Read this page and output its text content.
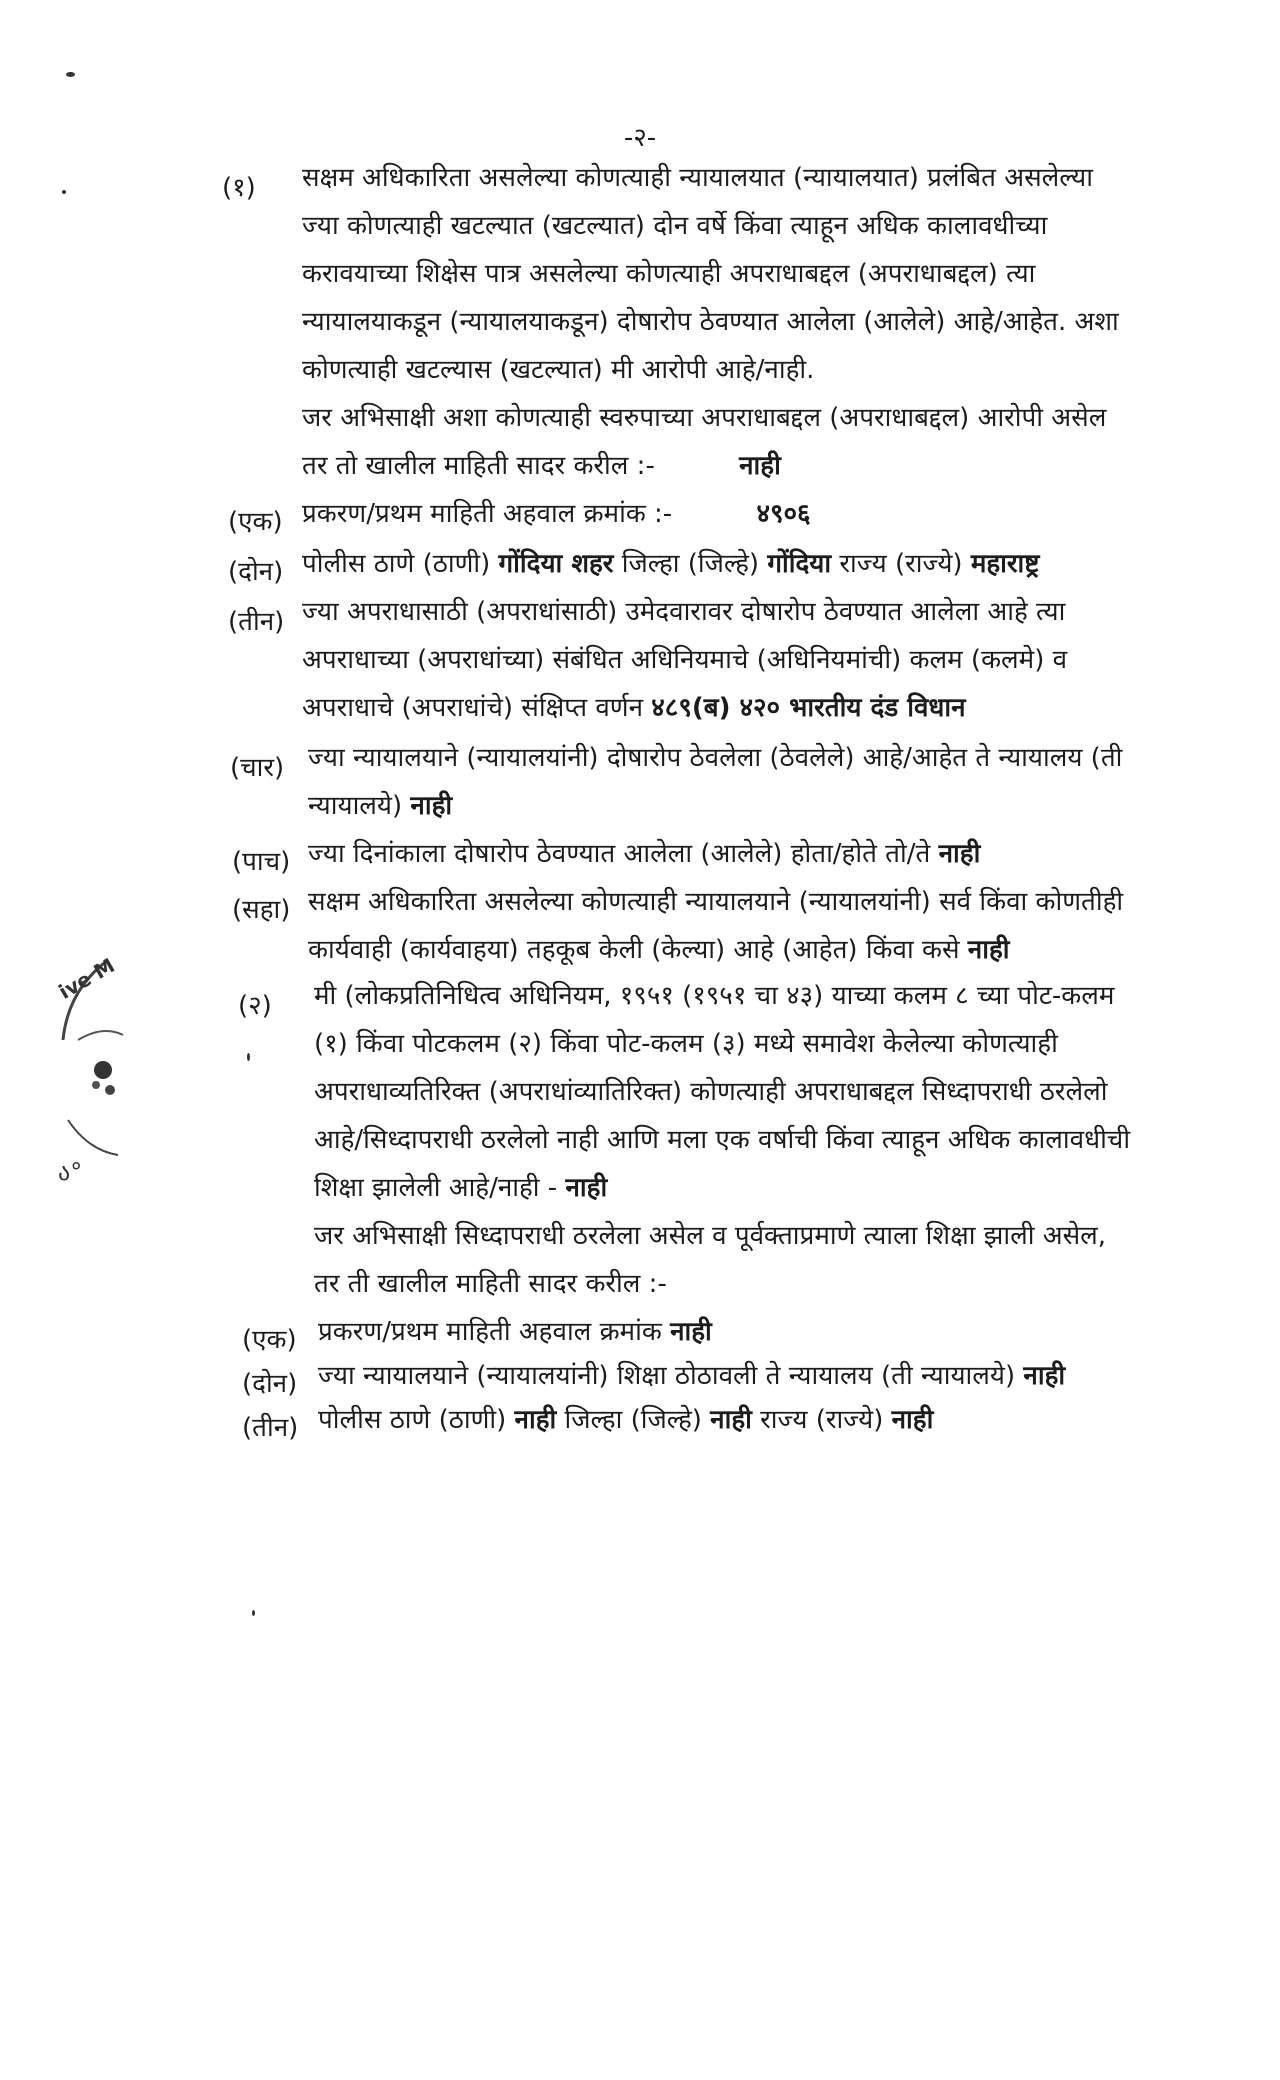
ive M
ა°
-२-
(१) सक्षम अधिकारिता असलेल्या कोणत्याही न्यायालयात (न्यायालयात) प्रलंबित असलेल्या
ज्या कोणत्याही खटल्यात (खटल्यात) दोन वर्षे किंवा त्याहून अधिक कालावधीच्या
करावयाच्या शिक्षेस पात्र असलेल्या कोणत्याही अपराधाबद्दल (अपराधाबद्दल) त्या
न्यायालयाकडून (न्यायालयाकडून) दोषारोप ठेवण्यात आलेला (आलेले) आहे/आहेत. अशा
कोणत्याही खटल्यास (खटल्यात) मी आरोपी आहे/नाही.
जर अभिसाक्षी अशा कोणत्याही स्वरुपाच्या अपराधाबद्दल (अपराधाबद्दल) आरोपी असेल
तर तो खालील माहिती सादर करील :-	नाही
(एक) प्रकरण/प्रथम माहिती अहवाल क्रमांक :-	४९०६
(दोन) पोलीस ठाणे (ठाणी) गोंदिया शहर जिल्हा (जिल्हे) गोंदिया राज्य (राज्ये) महाराष्ट्र
(तीन) ज्या अपराधासाठी (अपराधांसाठी) उमेदवारावर दोषारोप ठेवण्यात आलेला आहे त्या
अपराधाच्या (अपराधांच्या) संबंधित अधिनियमाचे (अधिनियमांची) कलम (कलमे) व
अपराधाचे (अपराधांचे) संक्षिप्त वर्णन ४८९(ब) ४२० भारतीय दंड विधान
(चार) ज्या न्यायालयाने (न्यायालयांनी) दोषारोप ठेवलेला (ठेवलेले) आहे/आहेत ते न्यायालय (ती
न्यायालये) नाही
(पाच) ज्या दिनांकाला दोषारोप ठेवण्यात आलेला (आलेले) होता/होते तो/ते नाही
(सहा) सक्षम अधिकारिता असलेल्या कोणत्याही न्यायालयाने (न्यायालयांनी) सर्व किंवा कोणतीही
कार्यवाही (कार्यवाहया) तहकूब केली (केल्या) आहे (आहेत) किंवा कसे नाही
(२) मी (लोकप्रतिनिधित्व अधिनियम, १९५१ (१९५१ चा ४३) याच्या कलम ८ च्या पोट-कलम
(१) किंवा पोटकलम (२) किंवा पोट-कलम (३) मध्ये समावेश केलेल्या कोणत्याही
अपराधाव्यतिरिक्त (अपराधांव्यातिरिक्त) कोणत्याही अपराधाबद्दल सिध्दापराधी ठरलेलो
आहे/सिध्दापराधी ठरलेलो नाही आणि मला एक वर्षाची किंवा त्याहून अधिक कालावधीची
शिक्षा झालेली आहे/नाही - नाही
जर अभिसाक्षी सिध्दापराधी ठरलेला असेल व पूर्वक्ताप्रमाणे त्याला शिक्षा झाली असेल,
तर ती खालील माहिती सादर करील :-
(एक) प्रकरण/प्रथम माहिती अहवाल क्रमांक नाही
(दोन) ज्या न्यायालयाने (न्यायालयांनी) शिक्षा ठोठावली ते न्यायालय (ती न्यायालये) नाही
(तीन) पोलीस ठाणे (ठाणी) नाही जिल्हा (जिल्हे) नाही राज्य (राज्ये) नाही
